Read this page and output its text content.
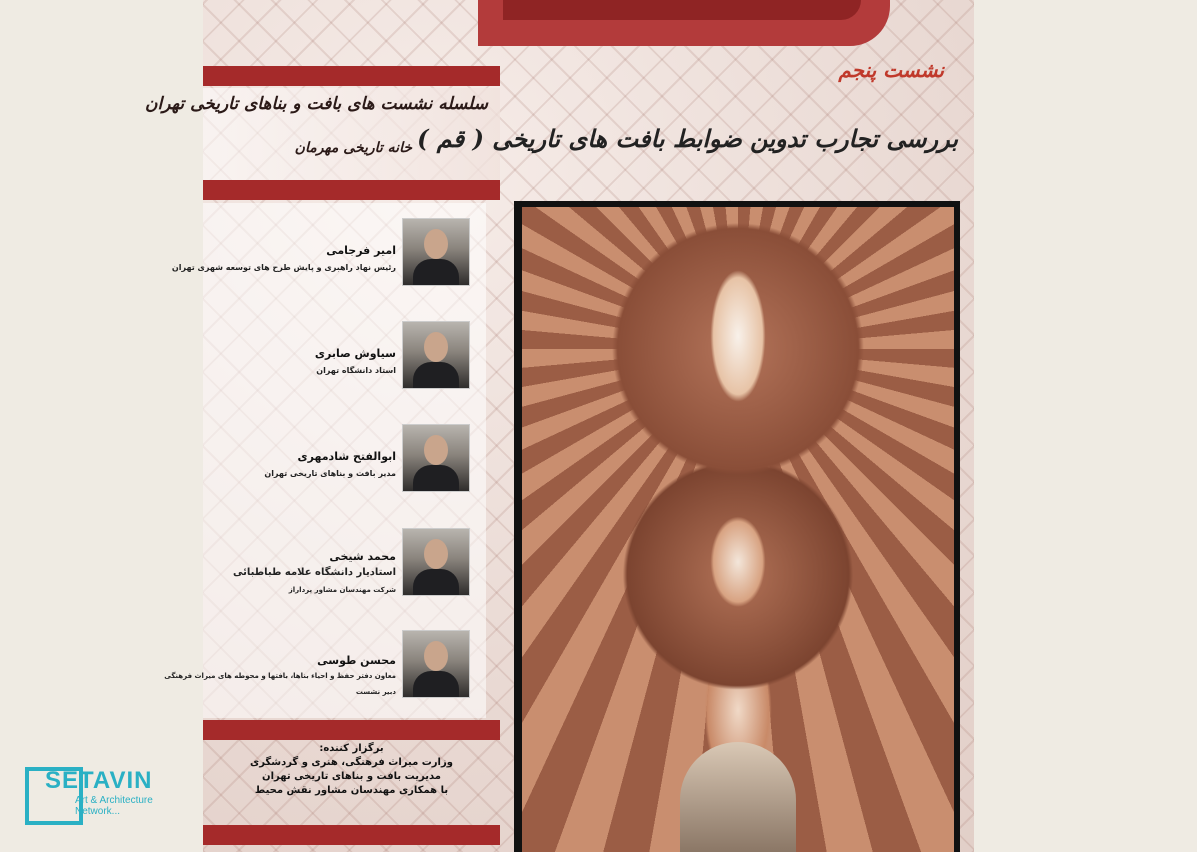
سلسله نشست های بافت و بناهای تاریخی تهران
خانه تاریخی مهرمان
نشست پنجم
بررسی تجارب تدوین ضوابط بافت های تاریخی ( قم )
امیر فرجامی
رئیس نهاد راهبری و پایش طرح های توسعه شهری تهران
سیاوش صابری
استاد دانشگاه تهران
ابوالفتح شادمهری
مدیر بافت و بناهای تاریخی تهران
محمد شیخی
استادیار دانشگاه علامه طباطبائی
شرکت مهندسان مشاور پرداراز
محسن طوسی
معاون دفتر حفظ و احیاء بناها، بافتها و محوطه های میراث فرهنگی
دبیر نشست
برگزار کننده:
وزارت میراث فرهنگی، هنری و گردشگری
مدیریت بافت و بناهای تاریخی تهران
با همکاری مهندسان مشاور نقش محیط
SETAVIN
Art & Architecture Network...
